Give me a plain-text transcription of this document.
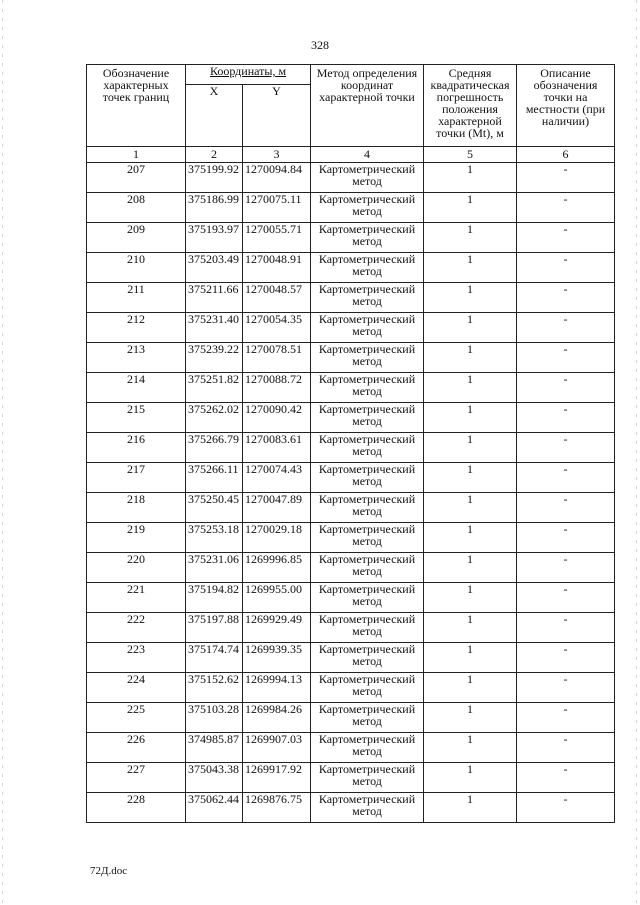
328
Обозначение характерных точек границ	Координаты, м		Метод определения координат характерной точки	Средняя квадратическая погрешность положения характерной точки (Mt), м	Описание обозначения точки на местности (при наличии)
	X	Y			
1	2	3	4	5	6
207	375199.92	1270094.84	Картометрический метод	1	-
208	375186.99	1270075.11	Картометрический метод	1	-
209	375193.97	1270055.71	Картометрический метод	1	-
210	375203.49	1270048.91	Картометрический метод	1	-
211	375211.66	1270048.57	Картометрический метод	1	-
212	375231.40	1270054.35	Картометрический метод	1	-
213	375239.22	1270078.51	Картометрический метод	1	-
214	375251.82	1270088.72	Картометрический метод	1	-
215	375262.02	1270090.42	Картометрический метод	1	-
216	375266.79	1270083.61	Картометрический метод	1	-
217	375266.11	1270074.43	Картометрический метод	1	-
218	375250.45	1270047.89	Картометрический метод	1	-
219	375253.18	1270029.18	Картометрический метод	1	-
220	375231.06	1269996.85	Картометрический метод	1	-
221	375194.82	1269955.00	Картометрический метод	1	-
222	375197.88	1269929.49	Картометрический метод	1	-
223	375174.74	1269939.35	Картометрический метод	1	-
224	375152.62	1269994.13	Картометрический метод	1	-
225	375103.28	1269984.26	Картометрический метод	1	-
226	374985.87	1269907.03	Картометрический метод	1	-
227	375043.38	1269917.92	Картометрический метод	1	-
228	375062.44	1269876.75	Картометрический метод	1	-
72Д.doc
